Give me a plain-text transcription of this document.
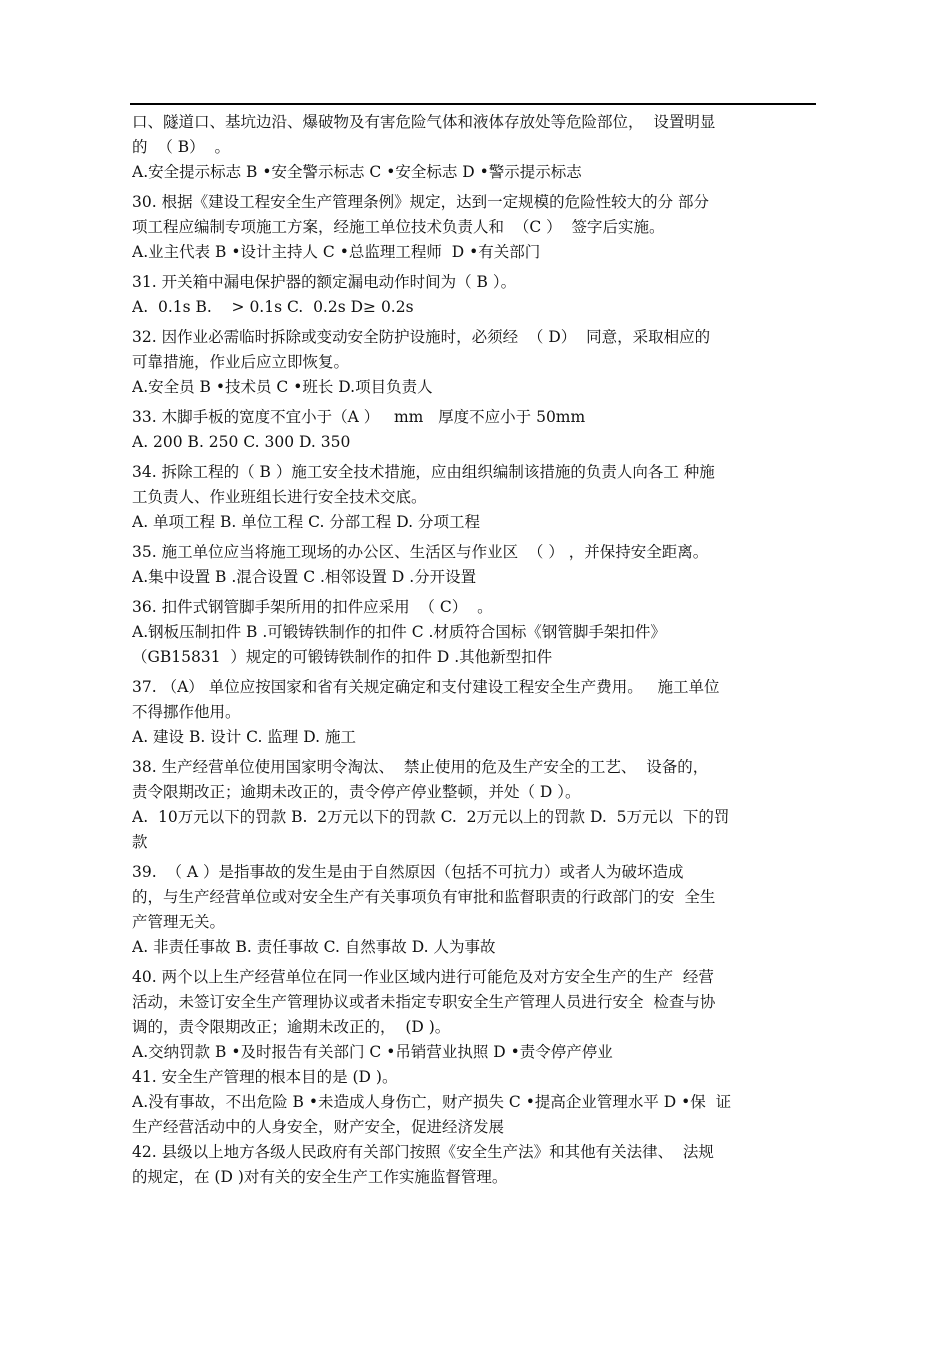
口、隧道口、基坑边沿、爆破物及有害危险气体和液体存放处等危险部位，  设置明显
的  （ B）  。
A.安全提示标志 B •安全警示标志 C •安全标志 D •警示提示标志
30. 根据《建设工程安全生产管理条例》规定，达到一定规模的危险性较大的分 部分
项工程应编制专项施工方案，经施工单位技术负责人和  （C ）  签字后实施。
A.业主代表 B •设计主持人 C •总监理工程师  D •有关部门
31. 开关箱中漏电保护器的额定漏电动作时间为（ B ）。
A.  0.1s B.    > 0.1s C.  0.2s D≥ 0.2s
32. 因作业必需临时拆除或变动安全防护设施时，必须经  （ D）  同意，采取相应的
可靠措施，作业后应立即恢复。
A.安全员 B •技术员 C •班长 D.项目负责人
33. 木脚手板的宽度不宜小于（A ）   mm   厚度不应小于 50mm
A. 200 B. 250 C. 300 D. 350
34. 拆除工程的（ B ）施工安全技术措施，应由组织编制该措施的负责人向各工 种施
工负责人、作业班组长进行安全技术交底。
A. 单项工程 B. 单位工程 C. 分部工程 D. 分项工程
35. 施工单位应当将施工现场的办公区、生活区与作业区  （ ） ，并保持安全距离。
A.集中设置 B .混合设置 C .相邻设置 D .分开设置
36. 扣件式钢管脚手架所用的扣件应采用  （ C）  。
A.钢板压制扣件 B .可锻铸铁制作的扣件 C .材质符合国标《钢管脚手架扣件》
（GB15831  ）规定的可锻铸铁制作的扣件 D .其他新型扣件
37. （A） 单位应按国家和省有关规定确定和支付建设工程安全生产费用。   施工单位
不得挪作他用。
A. 建设 B. 设计 C. 监理 D. 施工
38. 生产经营单位使用国家明令淘汰、  禁止使用的危及生产安全的工艺、  设备的，
责令限期改正；逾期未改正的，责令停产停业整顿，并处（ D ）。
A.  10万元以下的罚款 B.  2万元以下的罚款 C.  2万元以上的罚款 D.  5万元以  下的罚
款
39.  （ A ）是指事故的发生是由于自然原因（包括不可抗力）或者人为破坏造成
的，与生产经营单位或对安全生产有关事项负有审批和监督职责的行政部门的安  全生
产管理无关。
A. 非责任事故 B. 责任事故 C. 自然事故 D. 人为事故
40. 两个以上生产经营单位在同一作业区域内进行可能危及对方安全生产的生产  经营
活动，未签订安全生产管理协议或者未指定专职安全生产管理人员进行安全  检查与协
调的，责令限期改正；逾期未改正的，  (D )。
A.交纳罚款 B •及时报告有关部门 C •吊销营业执照 D •责令停产停业
41. 安全生产管理的根本目的是 (D )。
A.没有事故，不出危险 B •未造成人身伤亡，财产损失 C •提高企业管理水平 D •保  证
生产经营活动中的人身安全，财产安全，促进经济发展
42. 县级以上地方各级人民政府有关部门按照《安全生产法》和其他有关法律、  法规
的规定，在 (D )对有关的安全生产工作实施监督管理。
